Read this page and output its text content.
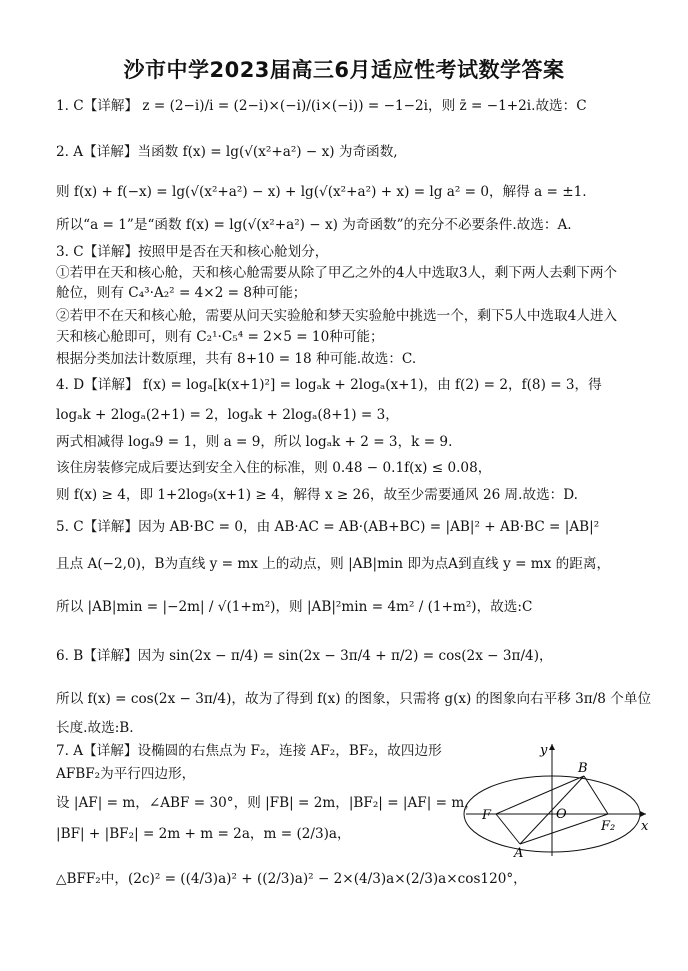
沙市中学2023届高三6月适应性考试数学答案
1. C【详解】 z = (2−i)/i = (2−i)×(−i)/(i×(−i)) = −1−2i，则 z̄ = −1+2i.故选：C
2. A【详解】当函数 f(x) = lg(√(x²+a²) − x) 为奇函数,
则 f(x) + f(−x) = lg(√(x²+a²) − x) + lg(√(x²+a²) + x) = lg a² = 0，解得 a = ±1.
所以“a = 1”是“函数 f(x) = lg(√(x²+a²) − x) 为奇函数”的充分不必要条件.故选：A.
3. C【详解】按照甲是否在天和核心舱划分，
①若甲在天和核心舱，天和核心舱需要从除了甲乙之外的4人中选取3人，剩下两人去剩下两个
舱位，则有 C₄³·A₂² = 4×2 = 8种可能；
②若甲不在天和核心舱，需要从问天实验舱和梦天实验舱中挑选一个，剩下5人中选取4人进入
天和核心舱即可，则有 C₂¹·C₅⁴ = 2×5 = 10种可能；
根据分类加法计数原理，共有 8+10 = 18 种可能.故选：C.
4. D【详解】 f(x) = logₐ[k(x+1)²] = logₐk + 2logₐ(x+1)，由 f(2) = 2，f(8) = 3，得
logₐk + 2logₐ(2+1) = 2，logₐk + 2logₐ(8+1) = 3，
两式相减得 logₐ9 = 1，则 a = 9，所以 logₐk + 2 = 3，k = 9.
该住房装修完成后要达到安全入住的标准，则 0.48 − 0.1f(x) ≤ 0.08，
则 f(x) ≥ 4，即 1+2log₉(x+1) ≥ 4，解得 x ≥ 26，故至少需要通风 26 周.故选：D.
5. C【详解】因为 AB·BC = 0，由 AB·AC = AB·(AB+BC) = |AB|² + AB·BC = |AB|²
且点 A(−2,0)，B为直线 y = mx 上的动点，则 |AB|min 即为点A到直线 y = mx 的距离，
所以 |AB|min = |−2m| / √(1+m²)，则 |AB|²min = 4m² / (1+m²)，故选:C
6. B【详解】因为 sin(2x − π/4) = sin(2x − 3π/4 + π/2) = cos(2x − 3π/4)，
所以 f(x) = cos(2x − 3π/4)，故为了得到 f(x) 的图象，只需将 g(x) 的图象向右平移 3π/8 个单位
长度.故选:B.
7. A【详解】设椭圆的右焦点为 F₂，连接 AF₂，BF₂，故四边形
AFBF₂为平行四边形，
设 |AF| = m，∠ABF = 30°，则 |FB| = 2m，|BF₂| = |AF| = m，
|BF| + |BF₂| = 2m + m = 2a，m = (2/3)a，
△BFF₂中，(2c)² = ((4/3)a)² + ((2/3)a)² − 2×(4/3)a×(2/3)a×cos120°，
y
x
B
F	O
F₂
A
